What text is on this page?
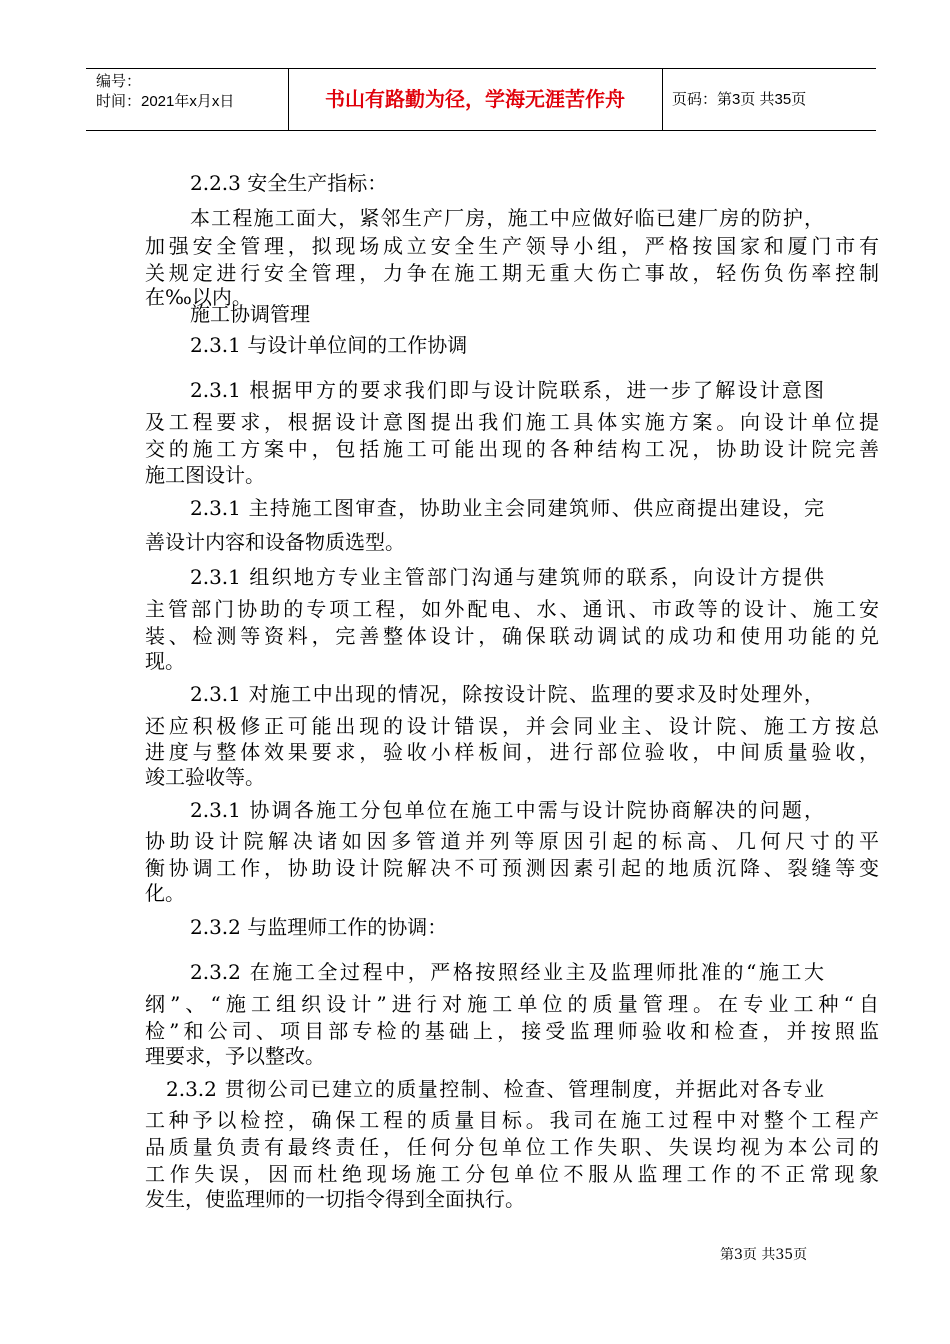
编号：
时间：2021年x月x日	书山有路勤为径，学海无涯苦作舟	页码：第3页 共35页

2.2.3 安全生产指标：

本工程施工面大，紧邻生产厂房，施工中应做好临已建厂房的防护，

加强安全管理，拟现场成立安全生产领导小组，严格按国家和厦门市有

关规定进行安全管理，力争在施工期无重大伤亡事故，轻伤负伤率控制

在‰以内。

施工协调管理

2.3.1 与设计单位间的工作协调

2.3.1 根据甲方的要求我们即与设计院联系，进一步了解设计意图

及工程要求，根据设计意图提出我们施工具体实施方案。向设计单位提

交的施工方案中，包括施工可能出现的各种结构工况，协助设计院完善

施工图设计。

2.3.1 主持施工图审查，协助业主会同建筑师、供应商提出建设，完

善设计内容和设备物质选型。

2.3.1 组织地方专业主管部门沟通与建筑师的联系，向设计方提供

主管部门协助的专项工程，如外配电、水、通讯、市政等的设计、施工安

装、检测等资料，完善整体设计，确保联动调试的成功和使用功能的兑

现。

2.3.1 对施工中出现的情况，除按设计院、监理的要求及时处理外，

还应积极修正可能出现的设计错误，并会同业主、设计院、施工方按总

进度与整体效果要求，验收小样板间，进行部位验收，中间质量验收，

竣工验收等。

2.3.1 协调各施工分包单位在施工中需与设计院协商解决的问题，

协助设计院解决诸如因多管道并列等原因引起的标高、几何尺寸的平

衡协调工作，协助设计院解决不可预测因素引起的地质沉降、裂缝等变

化。

2.3.2 与监理师工作的协调：

2.3.2 在施工全过程中，严格按照经业主及监理师批准的“施工大

纲”、“施工组织设计”进行对施工单位的质量管理。在专业工种“自

检”和公司、项目部专检的基础上，接受监理师验收和检查，并按照监

理要求，予以整改。

2.3.2 贯彻公司已建立的质量控制、检查、管理制度，并据此对各专业

工种予以检控，确保工程的质量目标。我司在施工过程中对整个工程产

品质量负责有最终责任，任何分包单位工作失职、失误均视为本公司的

工作失误，因而杜绝现场施工分包单位不服从监理工作的不正常现象

发生，使监理师的一切指令得到全面执行。

第3页 共35页
